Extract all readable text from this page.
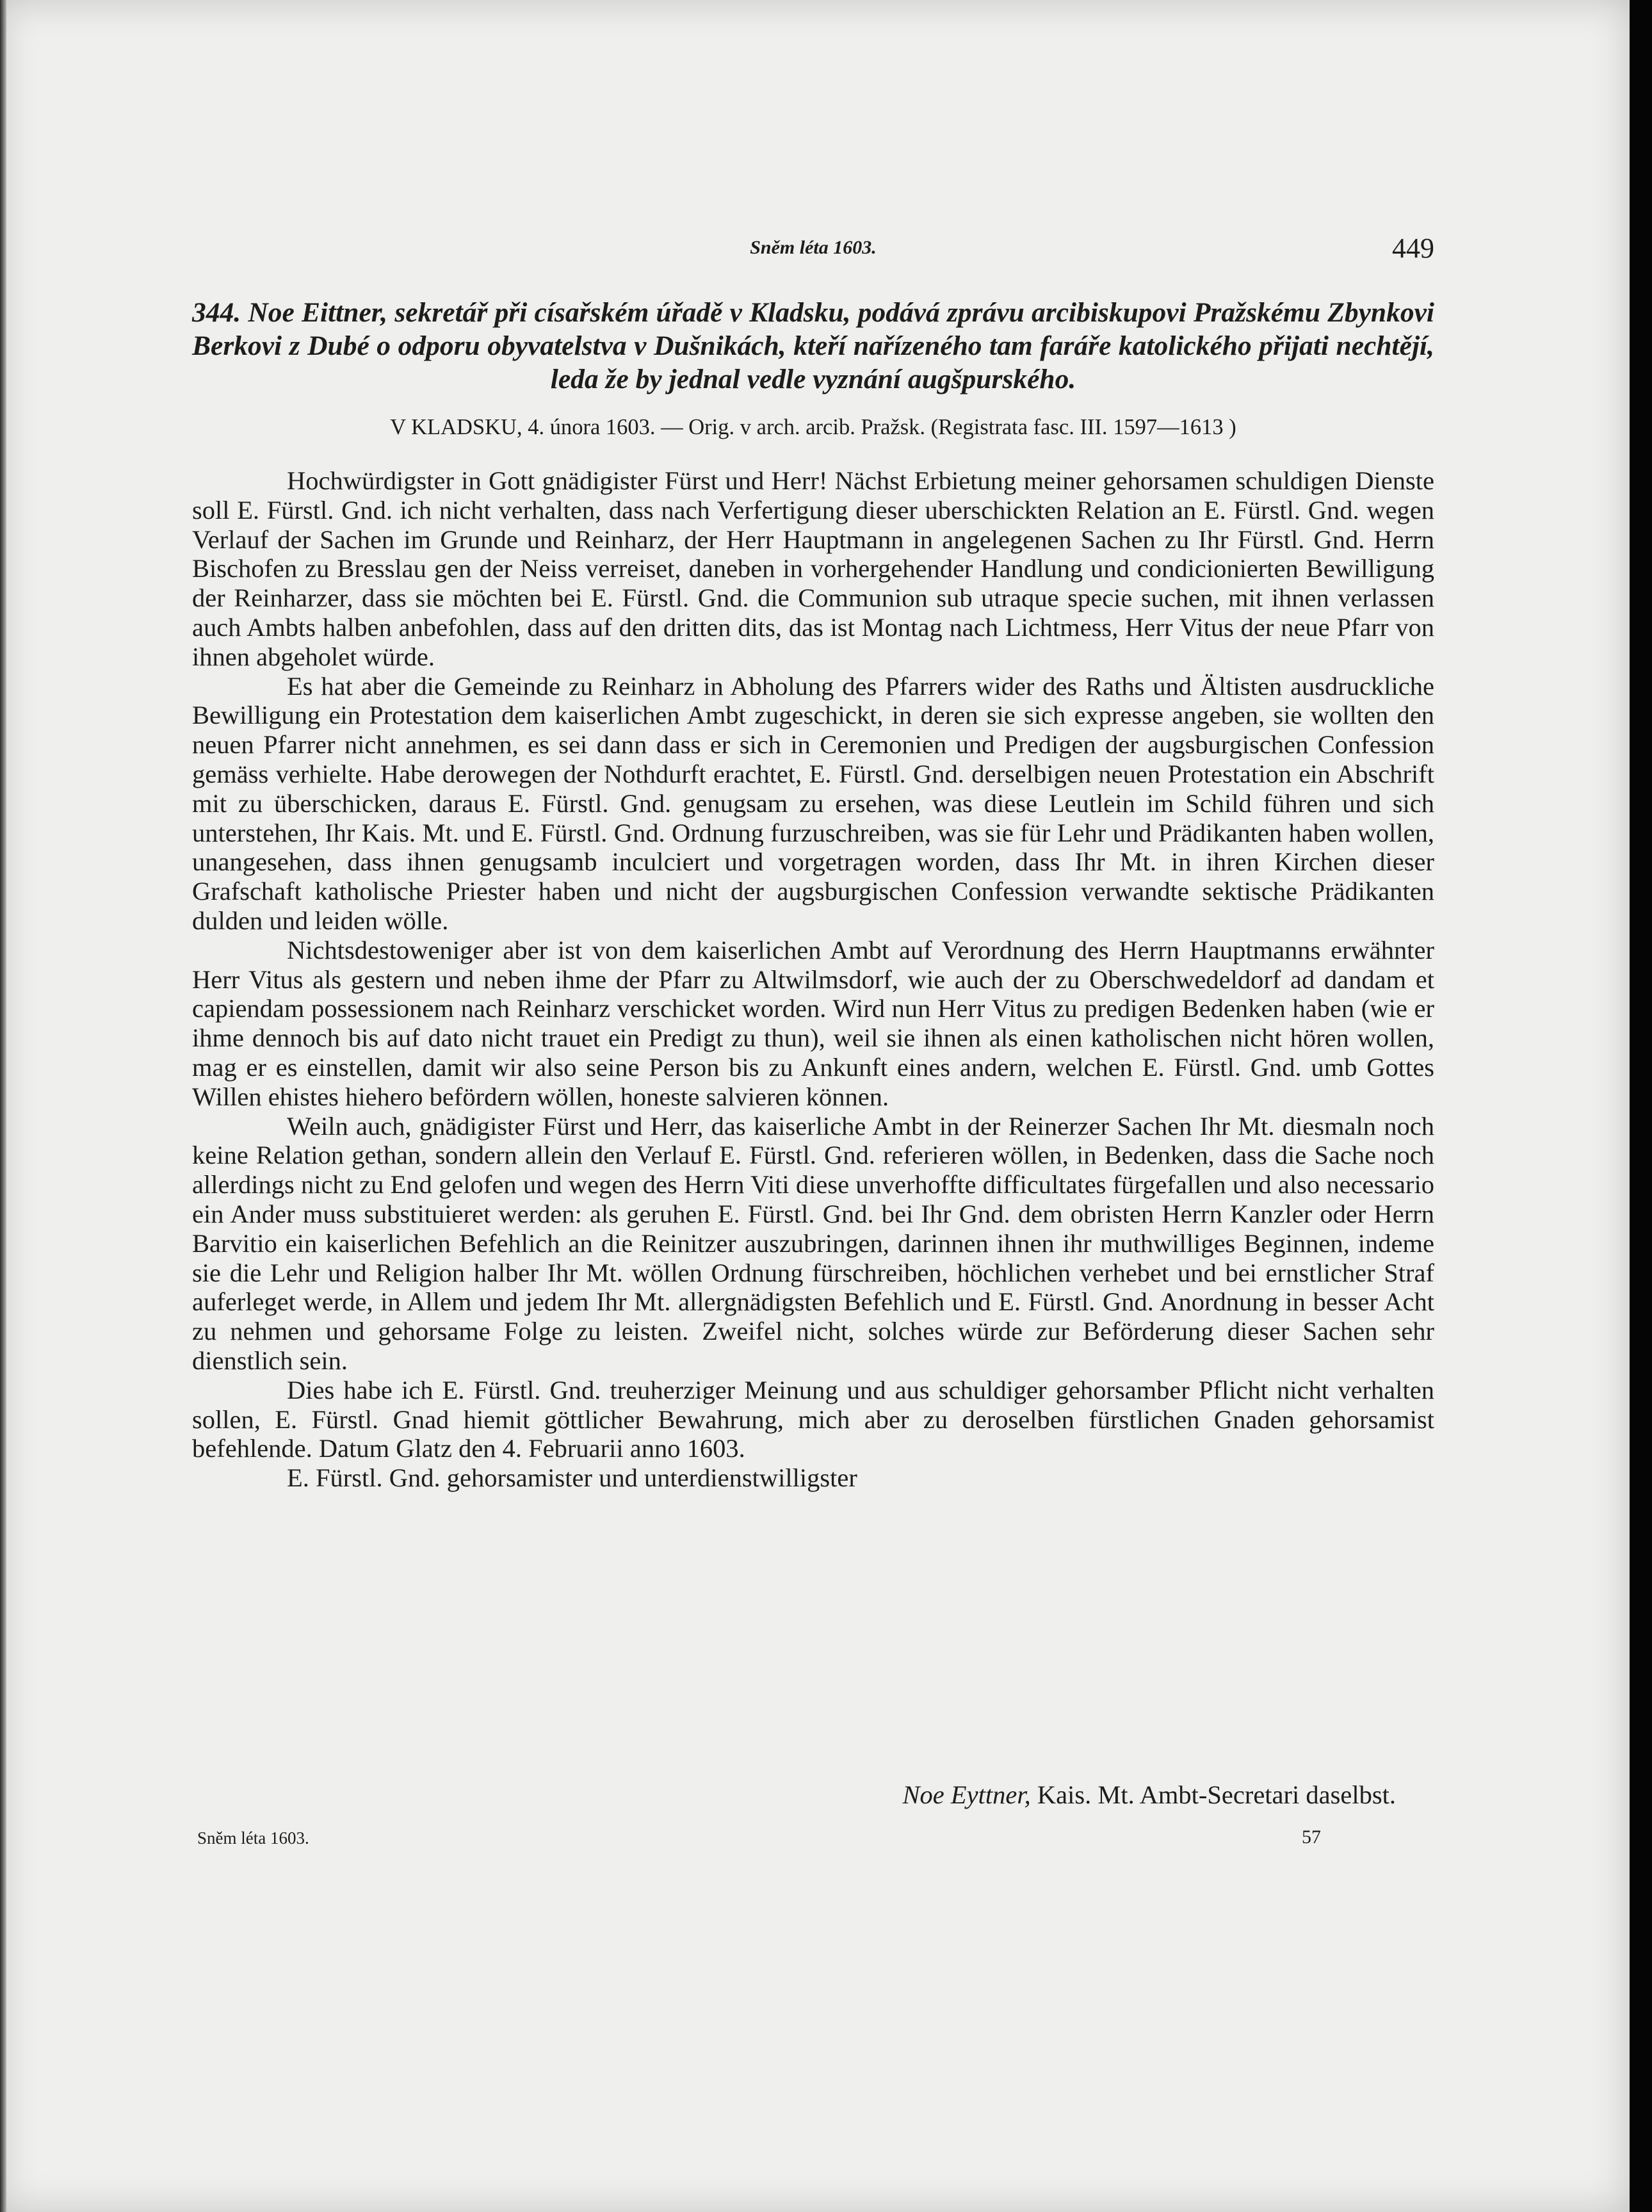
Sněm léta 1603.	449
344. Noe Eittner, sekretář při císařském úřadě v Kladsku, podává zprávu arcibiskupovi Pražskému Zbynkovi Berkovi z Dubé o odporu obyvatelstva v Dušnikách, kteří nařízeného tam faráře katolického přijati nechtějí, leda že by jednal vedle vyznání augšpurského.
V KLADSKU, 4. února 1603. — Orig. v arch. arcib. Pražsk. (Registrata fasc. III. 1597—1613 )

Hochwürdigster in Gott gnädigister Fürst und Herr! Nächst Erbietung meiner gehorsamen schuldigen Dienste soll E. Fürstl. Gnd. ich nicht verhalten, dass nach Verfertigung dieser uberschickten Relation an E. Fürstl. Gnd. wegen Verlauf der Sachen im Grunde und Reinharz, der Herr Hauptmann in angelegenen Sachen zu Ihr Fürstl. Gnd. Herrn Bischofen zu Bresslau gen der Neiss verreiset, daneben in vorhergehender Handlung und condicionierten Bewilligung der Reinharzer, dass sie möchten bei E. Fürstl. Gnd. die Communion sub utraque specie suchen, mit ihnen verlassen auch Ambts halben anbefohlen, dass auf den dritten dits, das ist Montag nach Lichtmess, Herr Vitus der neue Pfarr von ihnen abgeholet würde.

Es hat aber die Gemeinde zu Reinharz in Abholung des Pfarrers wider des Raths und Ältisten ausdruckliche Bewilligung ein Protestation dem kaiserlichen Ambt zugeschickt, in deren sie sich expresse angeben, sie wollten den neuen Pfarrer nicht annehmen, es sei dann dass er sich in Ceremonien und Predigen der augsburgischen Confession gemäss verhielte. Habe derowegen der Nothdurft erachtet, E. Fürstl. Gnd. derselbigen neuen Protestation ein Abschrift mit zu überschicken, daraus E. Fürstl. Gnd. genugsam zu ersehen, was diese Leutlein im Schild führen und sich unterstehen, Ihr Kais. Mt. und E. Fürstl. Gnd. Ordnung furzuschreiben, was sie für Lehr und Prädikanten haben wollen, unangesehen, dass ihnen genugsamb inculciert und vorgetragen worden, dass Ihr Mt. in ihren Kirchen dieser Grafschaft katholische Priester haben und nicht der augsburgischen Confession verwandte sektische Prädikanten dulden und leiden wölle.

Nichtsdestoweniger aber ist von dem kaiserlichen Ambt auf Verordnung des Herrn Hauptmanns erwähnter Herr Vitus als gestern und neben ihme der Pfarr zu Altwilmsdorf, wie auch der zu Oberschwedeldorf ad dandam et capiendam possessionem nach Reinharz verschicket worden. Wird nun Herr Vitus zu predigen Bedenken haben (wie er ihme dennoch bis auf dato nicht trauet ein Predigt zu thun), weil sie ihnen als einen katholischen nicht hören wollen, mag er es einstellen, damit wir also seine Person bis zu Ankunft eines andern, welchen E. Fürstl. Gnd. umb Gottes Willen ehistes hiehero befördern wöllen, honeste salvieren können.

Weiln auch, gnädigister Fürst und Herr, das kaiserliche Ambt in der Reinerzer Sachen Ihr Mt. diesmaln noch keine Relation gethan, sondern allein den Verlauf E. Fürstl. Gnd. referieren wöllen, in Bedenken, dass die Sache noch allerdings nicht zu End gelofen und wegen des Herrn Viti diese unverhoffte difficultates fürgefallen und also necessario ein Ander muss substituieret werden: als geruhen E. Fürstl. Gnd. bei Ihr Gnd. dem obristen Herrn Kanzler oder Herrn Barvitio ein kaiserlichen Befehlich an die Reinitzer auszubringen, darinnen ihnen ihr muthwilliges Beginnen, indeme sie die Lehr und Religion halber Ihr Mt. wöllen Ordnung fürschreiben, höchlichen verhebet und bei ernstlicher Straf auferleget werde, in Allem und jedem Ihr Mt. allergnädigsten Befehlich und E. Fürstl. Gnd. Anordnung in besser Acht zu nehmen und gehorsame Folge zu leisten. Zweifel nicht, solches würde zur Beförderung dieser Sachen sehr dienstlich sein.

Dies habe ich E. Fürstl. Gnd. treuherziger Meinung und aus schuldiger gehorsamber Pflicht nicht verhalten sollen, E. Fürstl. Gnad hiemit göttlicher Bewahrung, mich aber zu deroselben fürstlichen Gnaden gehorsamist befehlende. Datum Glatz den 4. Februarii anno 1603.

E. Fürstl. Gnd. gehorsamister und unterdienstwilligster

Noe Eyttner, Kais. Mt. Ambt-Secretari daselbst.
Sněm léta 1603.	57
